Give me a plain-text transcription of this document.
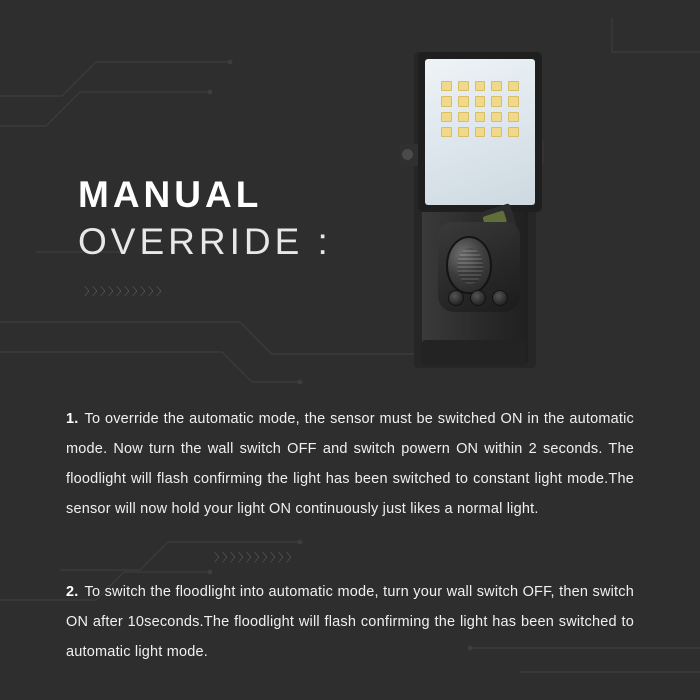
MANUAL
OVERRIDE :
〉〉〉〉〉〉〉〉〉〉
〉〉〉〉〉〉〉〉〉〉

1. To override the automatic mode, the sensor must be switched ON in the automatic mode. Now turn the wall switch OFF and switch powern ON within 2 seconds. The floodlight will flash confirming the light has been switched to constant light mode.The sensor will now hold your light ON continuously just likes a normal light.

2. To switch the floodlight into automatic mode, turn your wall switch OFF, then switch ON after 10seconds.The floodlight will flash confirming the light has been switched to automatic light mode.
